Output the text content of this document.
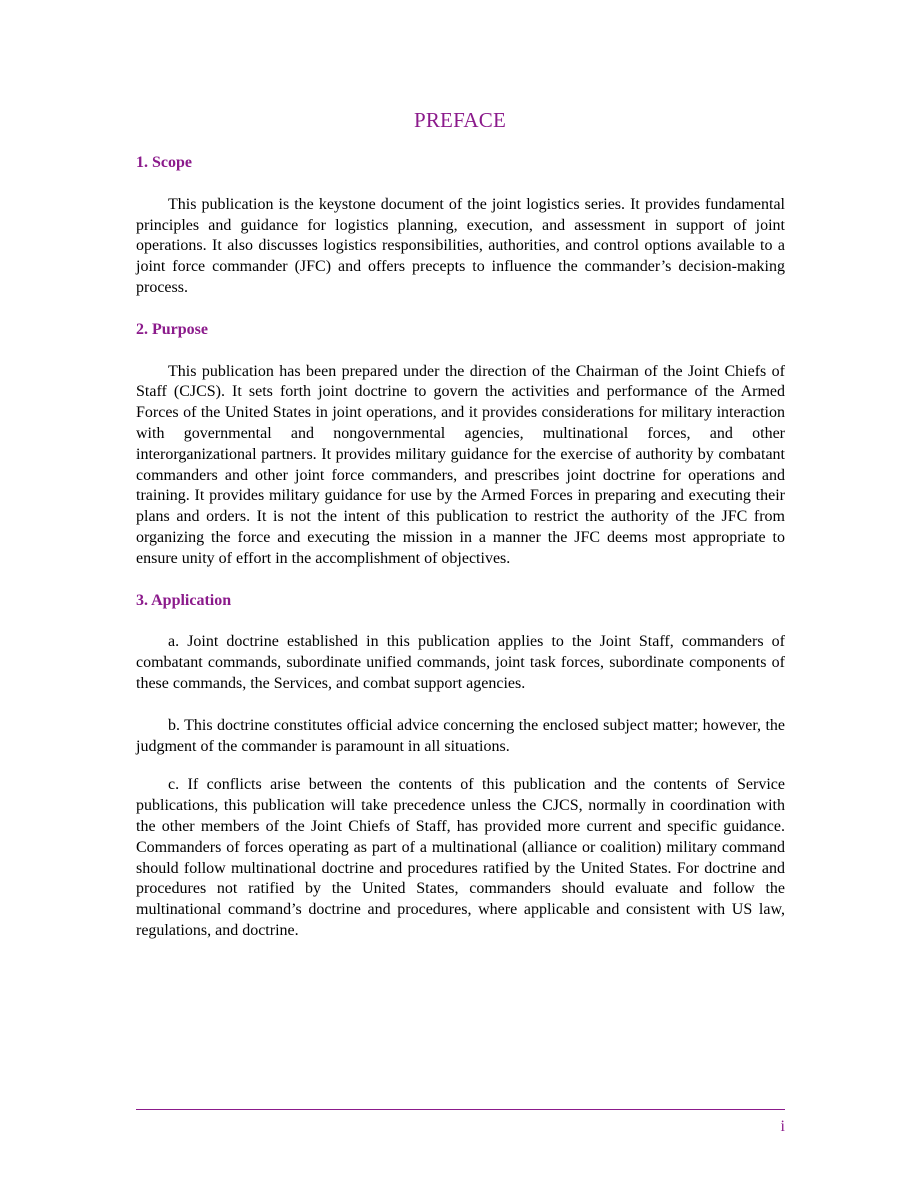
PREFACE

1. Scope

This publication is the keystone document of the joint logistics series. It provides fundamental principles and guidance for logistics planning, execution, and assessment in support of joint operations. It also discusses logistics responsibilities, authorities, and control options available to a joint force commander (JFC) and offers precepts to influence the commander’s decision-making process.

2. Purpose

This publication has been prepared under the direction of the Chairman of the Joint Chiefs of Staff (CJCS). It sets forth joint doctrine to govern the activities and performance of the Armed Forces of the United States in joint operations, and it provides considerations for military interaction with governmental and nongovernmental agencies, multinational forces, and other interorganizational partners. It provides military guidance for the exercise of authority by combatant commanders and other joint force commanders, and prescribes joint doctrine for operations and training. It provides military guidance for use by the Armed Forces in preparing and executing their plans and orders. It is not the intent of this publication to restrict the authority of the JFC from organizing the force and executing the mission in a manner the JFC deems most appropriate to ensure unity of effort in the accomplishment of objectives.

3. Application

a. Joint doctrine established in this publication applies to the Joint Staff, commanders of combatant commands, subordinate unified commands, joint task forces, subordinate components of these commands, the Services, and combat support agencies.

b. This doctrine constitutes official advice concerning the enclosed subject matter; however, the judgment of the commander is paramount in all situations.

c. If conflicts arise between the contents of this publication and the contents of Service publications, this publication will take precedence unless the CJCS, normally in coordination with the other members of the Joint Chiefs of Staff, has provided more current and specific guidance. Commanders of forces operating as part of a multinational (alliance or coalition) military command should follow multinational doctrine and procedures ratified by the United States. For doctrine and procedures not ratified by the United States, commanders should evaluate and follow the multinational command’s doctrine and procedures, where applicable and consistent with US law, regulations, and doctrine.

i
